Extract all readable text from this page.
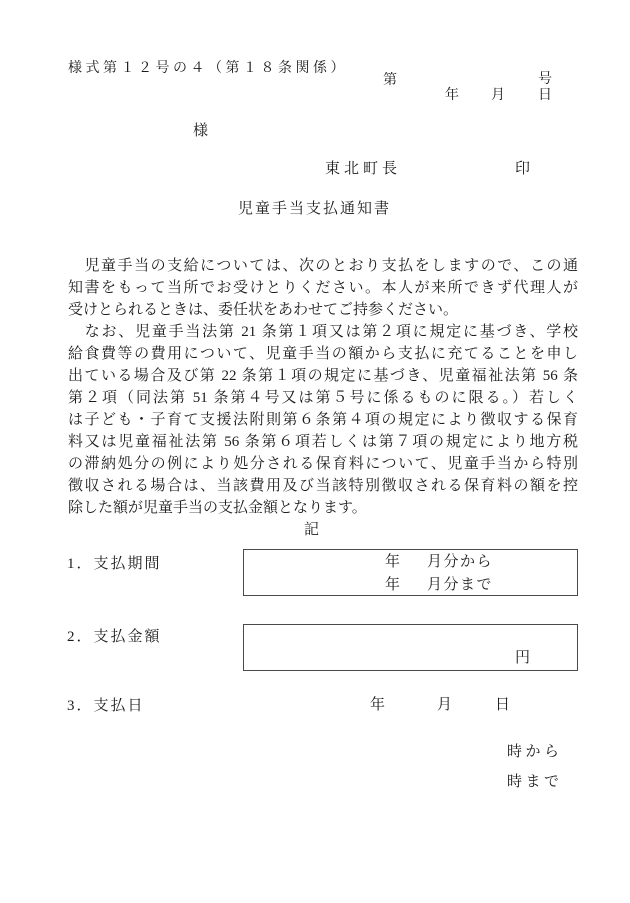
様式第１２号の４（第１８条関係）
第	号
年 月 日
様
東北町長	印
児童手当支払通知書
　児童手当の支給については、次のとおり支払をしますので、この通
知書をもって当所でお受けとりください。本人が来所できず代理人が
受けとられるときは、委任状をあわせてご持参ください。
　なお、児童手当法第 21 条第１項又は第２項に規定に基づき、学校
給食費等の費用について、児童手当の額から支払に充てることを申し
出ている場合及び第 22 条第１項の規定に基づき、児童福祉法第 56 条
第２項（同法第 51 条第４号又は第５号に係るものに限る。）若しく
は子ども・子育て支援法附則第６条第４項の規定により徴収する保育
料又は児童福祉法第 56 条第６項若しくは第７項の規定により地方税
の滞納処分の例により処分される保育料について、児童手当から特別
徴収される場合は、当該費用及び当該特別徴収される保育料の額を控
除した額が児童手当の支払金額となります。
記
1．支払期間	年 月分から
年 月分まで
2．支払金額
円
3．支払日	年	月	日
時から
時まで
